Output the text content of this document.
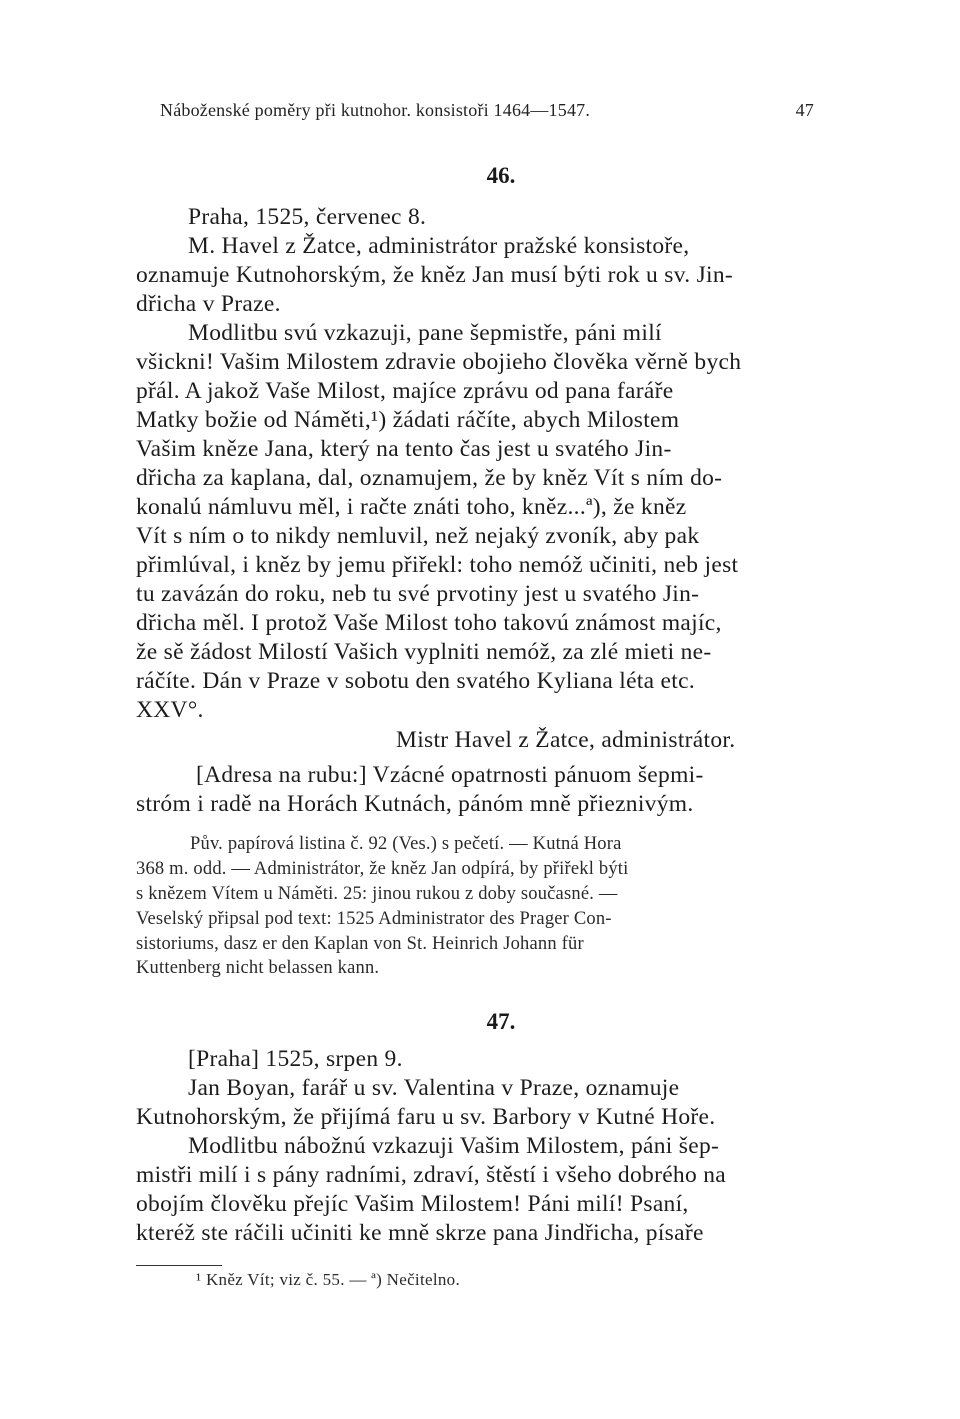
Náboženské poměry při kutnohor. konsistoři 1464—1547.	47
46.
Praha, 1525, červenec 8.
M. Havel z Žatce, administrátor pražské konsistoře,
oznamuje Kutnohorským, že kněz Jan musí býti rok u sv. Jin-
dřicha v Praze.
Modlitbu svú vzkazuji, pane šepmistře, páni milí
všickni! Vašim Milostem zdravie obojieho člověka věrně bych
přál. A jakož Vaše Milost, majíce zprávu od pana faráře
Matky božie od Náměti,¹) žádati ráčíte, abych Milostem
Vašim kněze Jana, který na tento čas jest u svatého Jin-
dřicha za kaplana, dal, oznamujem, že by kněz Vít s ním do-
konalú námluvu měl, i račte znáti toho, kněz...ª), že kněz
Vít s ním o to nikdy nemluvil, než nejaký zvoník, aby pak
přimlúval, i kněz by jemu přiřekl: toho nemóž učiniti, neb jest
tu zavázán do roku, neb tu své prvotiny jest u svatého Jin-
dřicha měl. I protož Vaše Milost toho takovú známost majíc,
že sě žádost Milostí Vašich vyplniti nemóž, za zlé mieti ne-
ráčíte. Dán v Praze v sobotu den svatého Kyliana léta etc.
XXV°.
Mistr Havel z Žatce, administrátor.
[Adresa na rubu:] Vzácné opatrnosti pánuom šepmi-
stróm i radě na Horách Kutnách, pánóm mně přieznivým.
Pův. papírová listina č. 92 (Ves.) s pečetí. — Kutná Hora
368 m. odd. — Administrátor, že kněz Jan odpírá, by přiřekl býti
s knězem Vítem u Náměti. 25: jinou rukou z doby současné. —
Veselský připsal pod text: 1525 Administrator des Prager Con-
sistoriums, dasz er den Kaplan von St. Heinrich Johann für
Kuttenberg nicht belassen kann.
47.
[Praha] 1525, srpen 9.
Jan Boyan, farář u sv. Valentina v Praze, oznamuje
Kutnohorským, že přijímá faru u sv. Barbory v Kutné Hoře.
Modlitbu nábožnú vzkazuji Vašim Milostem, páni šep-
mistři milí i s pány radními, zdraví, štěstí i všeho dobrého na
obojím člověku přejíc Vašim Milostem! Páni milí! Psaní,
kteréž ste ráčili učiniti ke mně skrze pana Jindřicha, písaře
¹ Kněz Vít; viz č. 55. — ª) Nečitelno.
